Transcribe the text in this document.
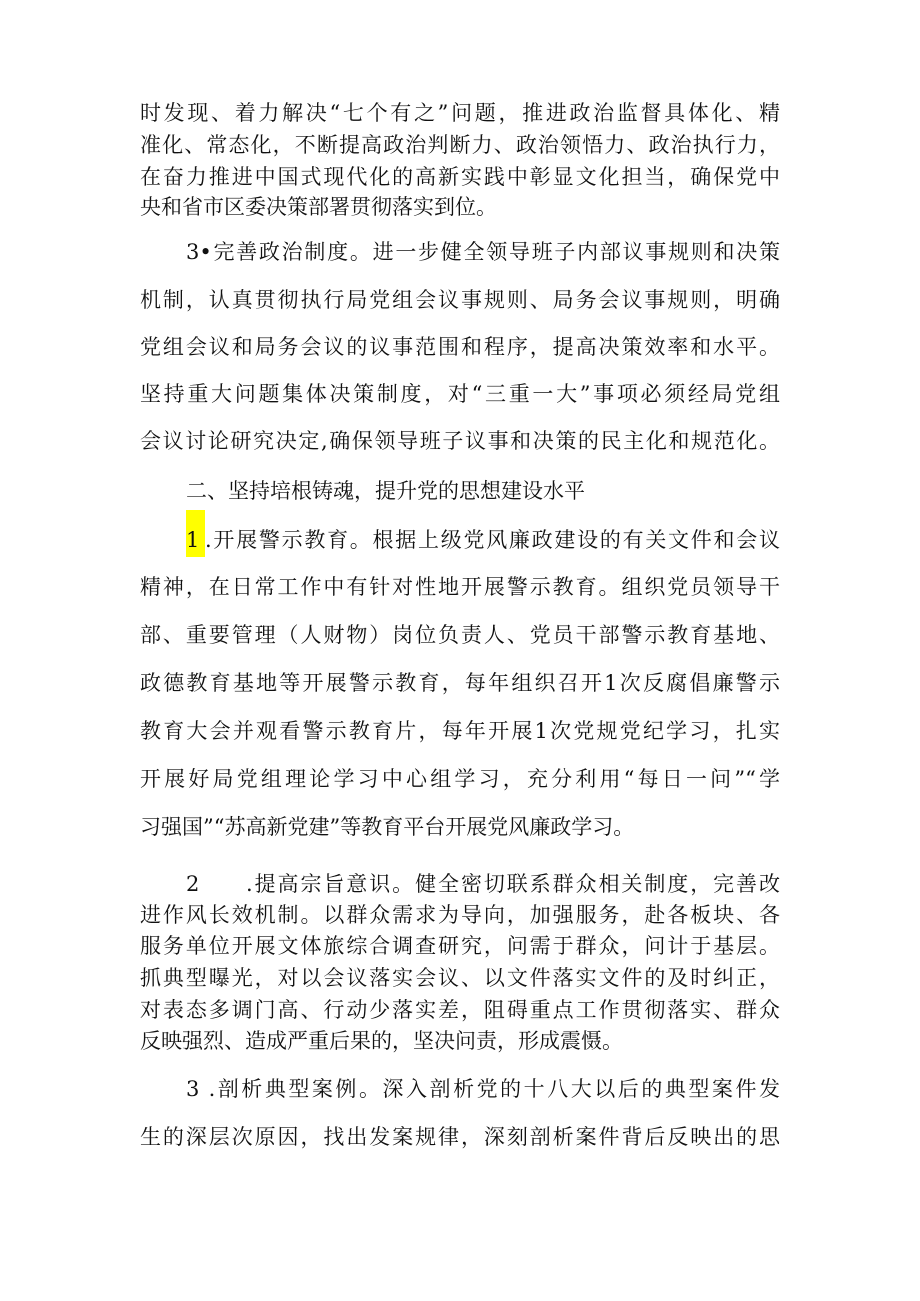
时发现、着力解决“七个有之”问题，推进政治监督具体化、精
准化、常态化，不断提高政治判断力、政治领悟力、政治执行力，
在奋力推进中国式现代化的高新实践中彰显文化担当，确保党中
央和省市区委决策部署贯彻落实到位。
3•完善政治制度。进一步健全领导班子内部议事规则和决策
机制，认真贯彻执行局党组会议事规则、局务会议事规则，明确
党组会议和局务会议的议事范围和程序，提高决策效率和水平。
坚持重大问题集体决策制度，对“三重一大”事项必须经局党组
会议讨论研究决定,确保领导班子议事和决策的民主化和规范化。
二、坚持培根铸魂，提升党的思想建设水平
1 .开展警示教育。根据上级党风廉政建设的有关文件和会议
精神，在日常工作中有针对性地开展警示教育。组织党员领导干
部、重要管理（人财物）岗位负责人、党员干部警示教育基地、
政德教育基地等开展警示教育，每年组织召开1次反腐倡廉警示
教育大会并观看警示教育片，每年开展1次党规党纪学习，扎实
开展好局党组理论学习中心组学习，充分利用“每日一问”“学
习强国”“苏高新党建”等教育平台开展党风廉政学习。
2 .提高宗旨意识。健全密切联系群众相关制度，完善改
进作风长效机制。以群众需求为导向，加强服务，赴各板块、各
服务单位开展文体旅综合调查研究，问需于群众，问计于基层。
抓典型曝光，对以会议落实会议、以文件落实文件的及时纠正，
对表态多调门高、行动少落实差，阻碍重点工作贯彻落实、群众
反映强烈、造成严重后果的，坚决问责，形成震慑。
3 .剖析典型案例。深入剖析党的十八大以后的典型案件发
生的深层次原因，找出发案规律，深刻剖析案件背后反映出的思
